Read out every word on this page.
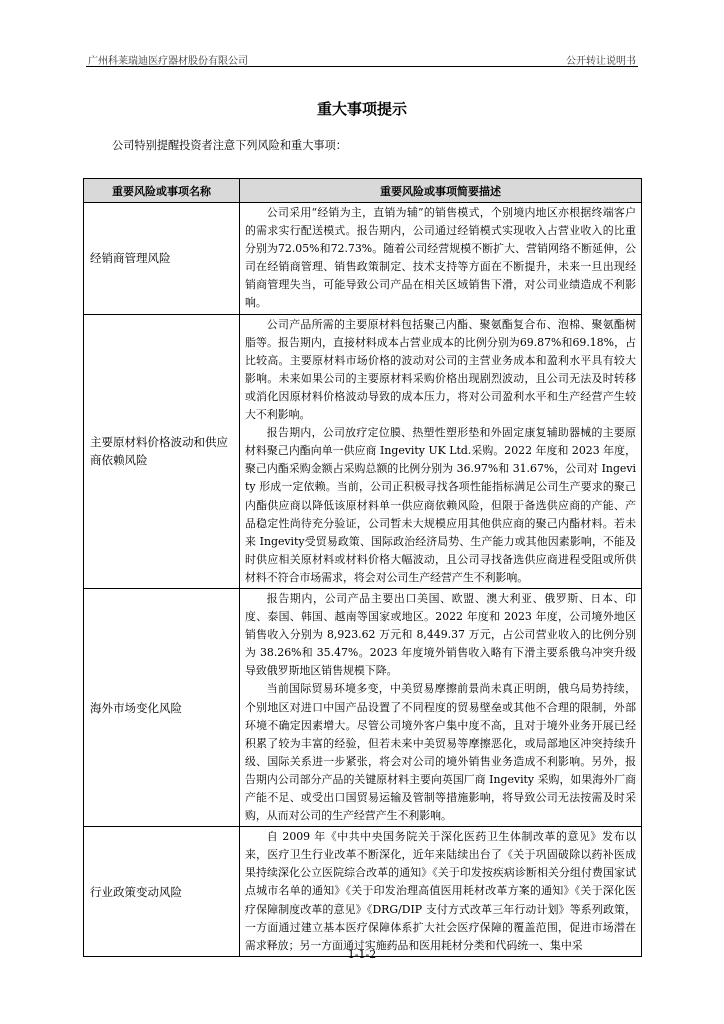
广州科莱瑞迪医疗器材股份有限公司	公开转让说明书
重大事项提示
公司特别提醒投资者注意下列风险和重大事项：
重要风险或事项名称	重要风险或事项简要描述
经销商管理风险	公司采用“经销为主，直销为辅”的销售模式，个别境内地区亦根据终端客户的需求实行配送模式。报告期内，公司通过经销模式实现收入占营业收入的比重分别为72.05%和72.73%。随着公司经营规模不断扩大、营销网络不断延伸，公司在经销商管理、销售政策制定、技术支持等方面在不断提升，未来一旦出现经销商管理失当，可能导致公司产品在相关区域销售下滑，对公司业绩造成不利影响。

主要原材料价格波动和供应商依赖风险	公司产品所需的主要原材料包括聚己内酯、聚氨酯复合布、泡棉、聚氨酯树脂等。报告期内，直接材料成本占营业成本的比例分别为69.87%和69.18%，占比较高。主要原材料市场价格的波动对公司的主营业务成本和盈利水平具有较大影响。未来如果公司的主要原材料采购价格出现剧烈波动，且公司无法及时转移或消化因原材料价格波动导致的成本压力，将对公司盈利水平和生产经营产生较大不利影响。

报告期内，公司放疗定位膜、热塑性塑形垫和外固定康复辅助器械的主要原材料聚己内酯向单一供应商 Ingevity UK Ltd.采购。2022 年度和 2023 年度，聚己内酯采购金额占采购总额的比例分别为 36.97%和 31.67%，公司对 Ingevity 形成一定依赖。当前，公司正积极寻找各项性能指标满足公司生产要求的聚己内酯供应商以降低该原材料单一供应商依赖风险，但限于备选供应商的产能、产品稳定性尚待充分验证，公司暂未大规模应用其他供应商的聚己内酯材料。若未来 Ingevity受贸易政策、国际政治经济局势、生产能力或其他因素影响，不能及时供应相关原材料或材料价格大幅波动，且公司寻找备选供应商进程受阻或所供材料不符合市场需求，将会对公司生产经营产生不利影响。

海外市场变化风险	报告期内，公司产品主要出口美国、欧盟、澳大利亚、俄罗斯、日本、印度、泰国、韩国、越南等国家或地区。2022 年度和 2023 年度，公司境外地区销售收入分别为 8,923.62 万元和 8,449.37 万元，占公司营业收入的比例分别为 38.26%和 35.47%。2023 年度境外销售收入略有下滑主要系俄乌冲突升级导致俄罗斯地区销售规模下降。

当前国际贸易环境多变，中美贸易摩擦前景尚未真正明朗，俄乌局势持续，个别地区对进口中国产品设置了不同程度的贸易壁垒或其他不合理的限制，外部环境不确定因素增大。尽管公司境外客户集中度不高，且对于境外业务开展已经积累了较为丰富的经验，但若未来中美贸易等摩擦恶化，或局部地区冲突持续升级、国际关系进一步紧张，将会对公司的境外销售业务造成不利影响。另外，报告期内公司部分产品的关键原材料主要向英国厂商 Ingevity 采购，如果海外厂商产能不足、或受出口国贸易运输及管制等措施影响，将导致公司无法按需及时采购，从而对公司的生产经营产生不利影响。

行业政策变动风险	自 2009 年《中共中央国务院关于深化医药卫生体制改革的意见》发布以来，医疗卫生行业改革不断深化，近年来陆续出台了《关于巩固破除以药补医成果持续深化公立医院综合改革的通知》《关于印发按疾病诊断相关分组付费国家试点城市名单的通知》《关于印发治理高值医用耗材改革方案的通知》《关于深化医疗保障制度改革的意见》《DRG/DIP 支付方式改革三年行动计划》等系列政策，一方面通过建立基本医疗保障体系扩大社会医疗保障的覆盖范围，促进市场潜在需求释放；另一方面通过实施药品和医用耗材分类和代码统一、集中采

1-1-2
